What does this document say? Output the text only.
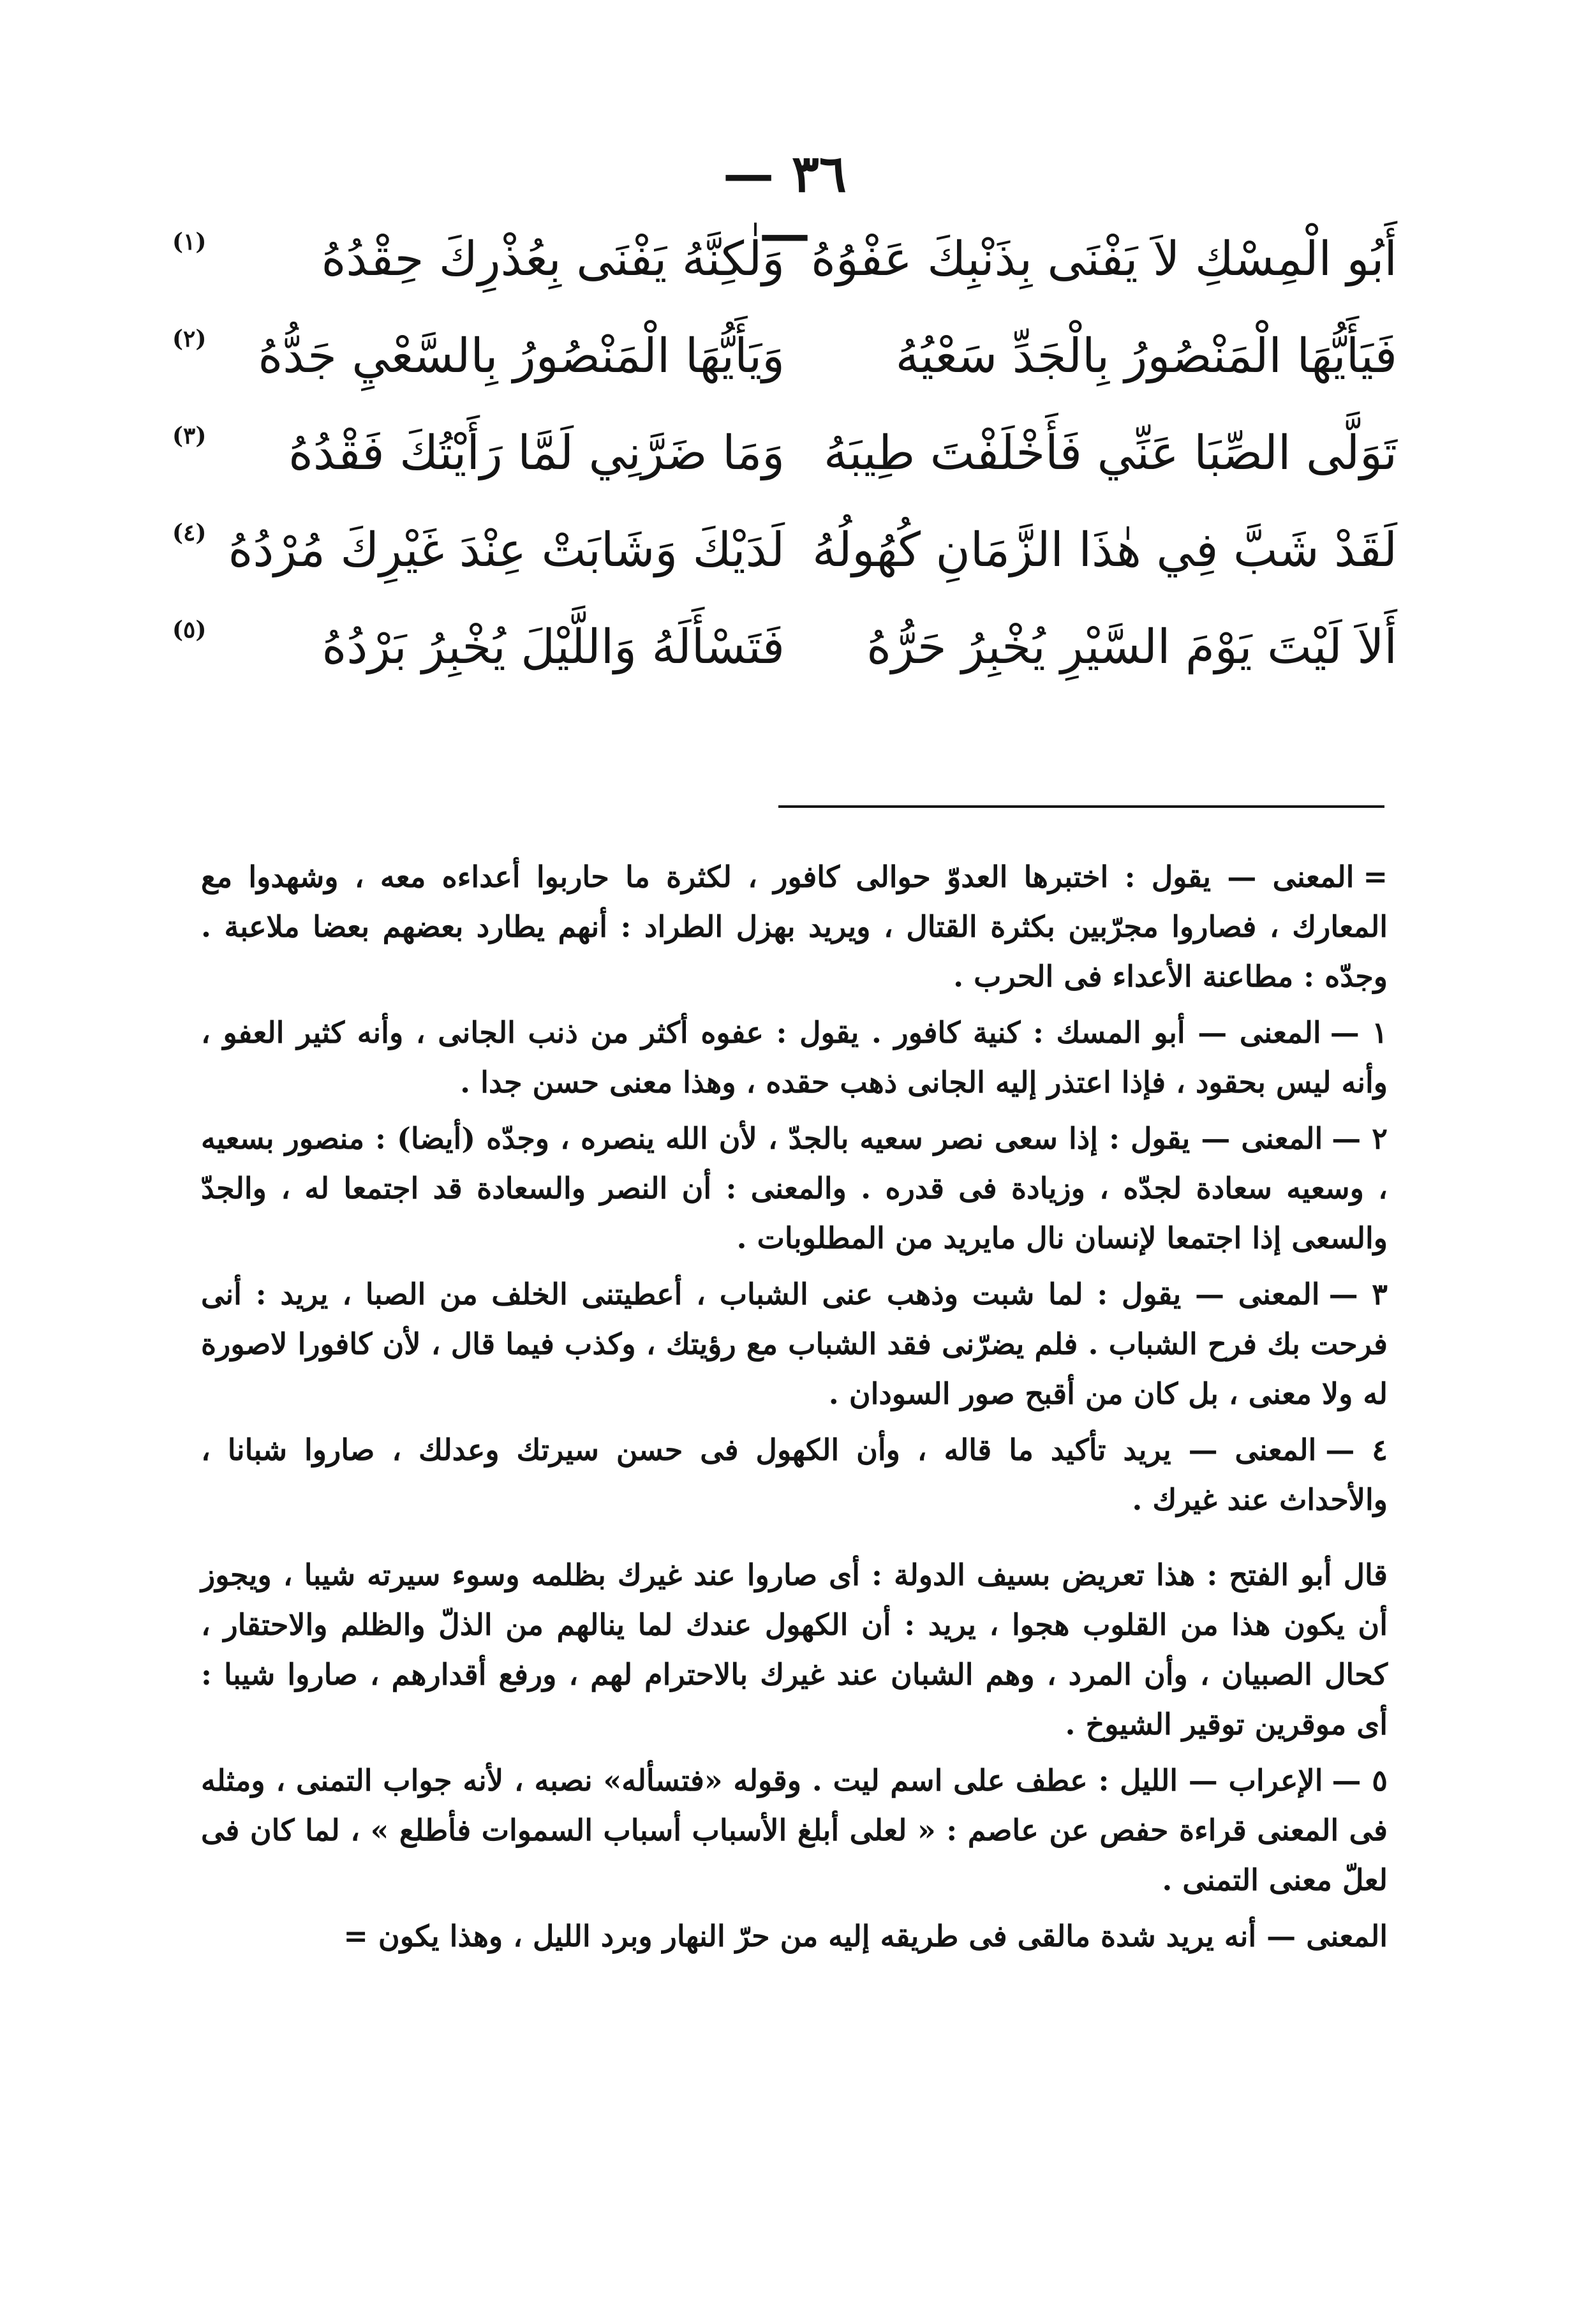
— ٣٦ — أَبُو الْمِسْكِ لاَ يَفْنَى بِذَنْبِكَ عَفْوُهُ
وَلٰكِنَّهُ يَفْنَى بِعُذْرِكَ حِقْدُهُ
(١)
فَيَأَيُّهَا الْمَنْصُورُ بِالْجَدِّ سَعْيُهُ
وَيَأَيُّهَا الْمَنْصُورُ بِالسَّعْيِ جَدُّهُ
(٢)
تَوَلَّى الصِّبَا عَنِّي فَأَخْلَفْتَ طِيبَهُ
وَمَا ضَرَّنِي لَمَّا رَأَيْتُكَ فَقْدُهُ
(٣)
لَقَدْ شَبَّ فِي هٰذَا الزَّمَانِ كُهُولُهُ
لَدَيْكَ وَشَابَتْ عِنْدَ غَيْرِكَ مُرْدُهُ
(٤)
أَلاَ لَيْتَ يَوْمَ السَّيْرِ يُخْبِرُ حَرُّهُ
فَتَسْأَلَهُ وَاللَّيْلَ يُخْبِرُ بَرْدُهُ
(٥)

=المعنى — يقول : اختبرها العدوّ حوالى كافور ، لكثرة ما حاربوا أعداءه معه ، وشهدوا مع المعارك ، فصاروا مجرّبين بكثرة القتال ، ويريد بهزل الطراد : أنهم يطارد بعضهم بعضا ملاعبة . وجدّه : مطاعنة الأعداء فى الحرب .

١ —المعنى — أبو المسك : كنية كافور . يقول : عفوه أكثر من ذنب الجانى ، وأنه كثير العفو ، وأنه ليس بحقود ، فإذا اعتذر إليه الجانى ذهب حقده ، وهذا معنى حسن جدا .

٢ —المعنى — يقول : إذا سعى نصر سعيه بالجدّ ، لأن الله ينصره ، وجدّه (أيضا) : منصور بسعيه ، وسعيه سعادة لجدّه ، وزيادة فى قدره . والمعنى : أن النصر والسعادة قد اجتمعا له ، والجدّ والسعى إذا اجتمعا لإنسان نال مايريد من المطلوبات .

٣ —المعنى — يقول : لما شبت وذهب عنى الشباب ، أعطيتنى الخلف من الصبا ، يريد : أنى فرحت بك فرح الشباب . فلم يضرّنى فقد الشباب مع رؤيتك ، وكذب فيما قال ، لأن كافورا لاصورة له ولا معنى ، بل كان من أقبح صور السودان .

٤ —المعنى — يريد تأكيد ما قاله ، وأن الكهول فى حسن سيرتك وعدلك ، صاروا شبانا ، والأحداث عند غيرك .

قال أبو الفتح : هذا تعريض بسيف الدولة : أى صاروا عند غيرك بظلمه وسوء سيرته شيبا ، ويجوز أن يكون هذا من القلوب هجوا ، يريد : أن الكهول عندك لما ينالهم من الذلّ والظلم والاحتقار ، كحال الصبيان ، وأن المرد ، وهم الشبان عند غيرك بالاحترام لهم ، ورفع أقدارهم ، صاروا شيبا : أى موقرين توقير الشيوخ .

٥ —الإعراب — الليل : عطف على اسم ليت . وقوله «فتسأله» نصبه ، لأنه جواب التمنى ، ومثله فى المعنى قراءة حفص عن عاصم : « لعلى أبلغ الأسباب أسباب السموات فأطلع » ، لما كان فى لعلّ معنى التمنى .

المعنى — أنه يريد شدة مالقى فى طريقه إليه من حرّ النهار وبرد الليل ، وهذا يكون =
